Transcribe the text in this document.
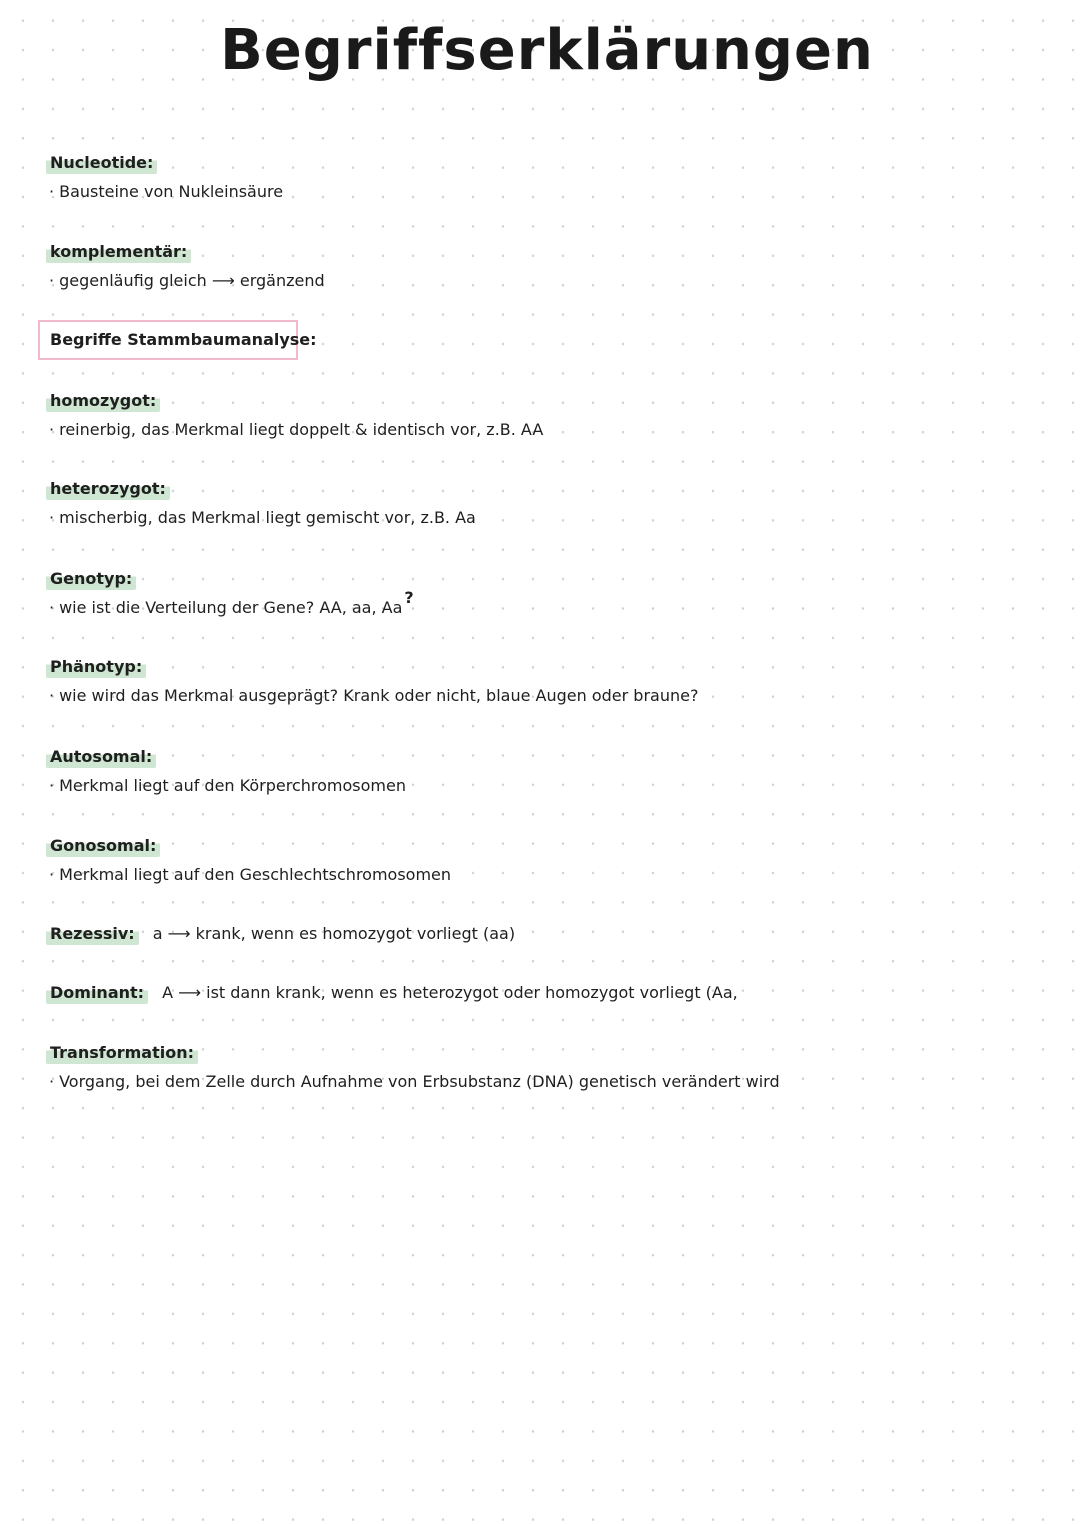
Begriffserklärungen
Nucleotide:
· Bausteine von Nukleinsäure
komplementär:
· gegenläufig gleich ⟶ ergänzend
Begriffe Stammbaumanalyse:
homozygot:
· reinerbig, das Merkmal liegt doppelt & identisch vor, z.B. AA
heterozygot:
· mischerbig, das Merkmal liegt gemischt vor, z.B. Aa
Genotyp:
· wie ist die Verteilung der Gene? AA, aa, Aa?
Phänotyp:
· wie wird das Merkmal ausgeprägt? Krank oder nicht, blaue Augen oder braune?
Autosomal:
· Merkmal liegt auf den Körperchromosomen
Gonosomal:
· Merkmal liegt auf den Geschlechtschromosomen
Rezessiv: a ⟶ krank, wenn es homozygot vorliegt (aa)
Dominant: A ⟶ ist dann krank, wenn es heterozygot oder homozygot vorliegt (Aa,
Transformation:
· Vorgang, bei dem Zelle durch Aufnahme von Erbsubstanz (DNA) genetisch verändert wird
